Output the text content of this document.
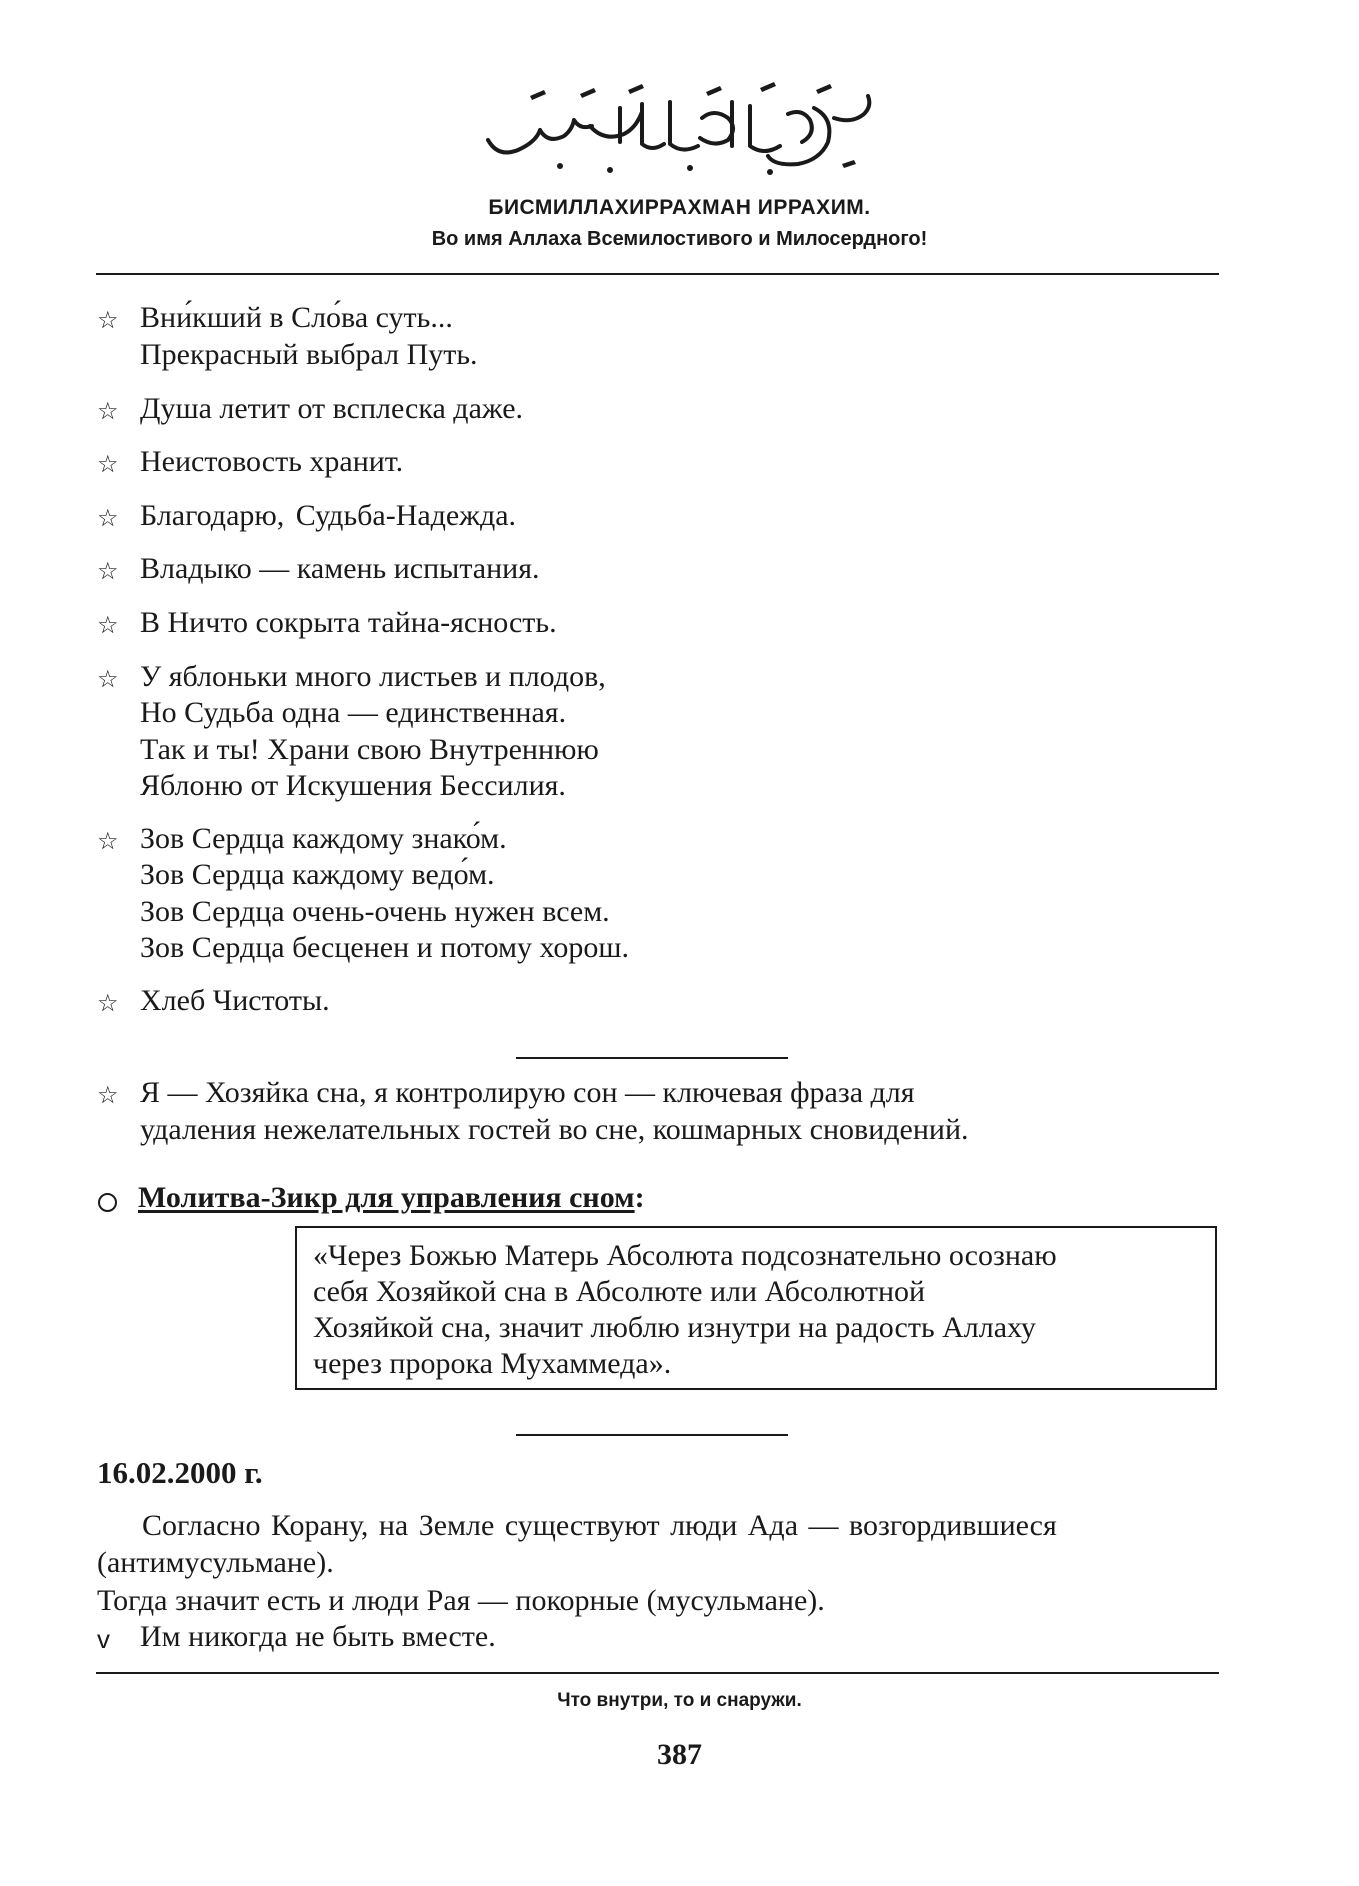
БИСМИЛЛАХИРРАХМАН ИРРАХИМ.
Во имя Аллаха Всемилостивого и Милосердного!
☆ Вни́кший в Сло́ва суть...
Прекрасный выбрал Путь.
☆ Душа летит от всплеска даже.
☆ Неистовость хранит.
☆ Благодарю, Судьба-Надежда.
☆ Владыко — камень испытания.
☆ В Ничто сокрыта тайна-ясность.
☆ У яблоньки много листьев и плодов,
Но Судьба одна — единственная.
Так и ты! Храни свою Внутреннюю
Яблоню от Искушения Бессилия.
☆ Зов Сердца каждому знако́м.
Зов Сердца каждому ведо́м.
Зов Сердца очень-очень нужен всем.
Зов Сердца бесценен и потому хорош.
☆ Хлеб Чистоты.
☆ Я — Хозяйка сна, я контролирую сон — ключевая фраза для
удаления нежелательных гостей во сне, кошмарных сновидений.
Молитва-Зикр для управления сном:
«Через Божью Матерь Абсолюта подсознательно осознаю
себя Хозяйкой сна в Абсолюте или Абсолютной
Хозяйкой сна, значит люблю изнутри на радость Аллаху
через пророка Мухаммеда».
16.02.2000 г.
Согласно Корану, на Земле существуют люди Ада — возгордившиеся
(антимусульмане).
Тогда значит есть и люди Рая — покорные (мусульмане).
v Им никогда не быть вместе.
Что внутри, то и снаружи.
387
